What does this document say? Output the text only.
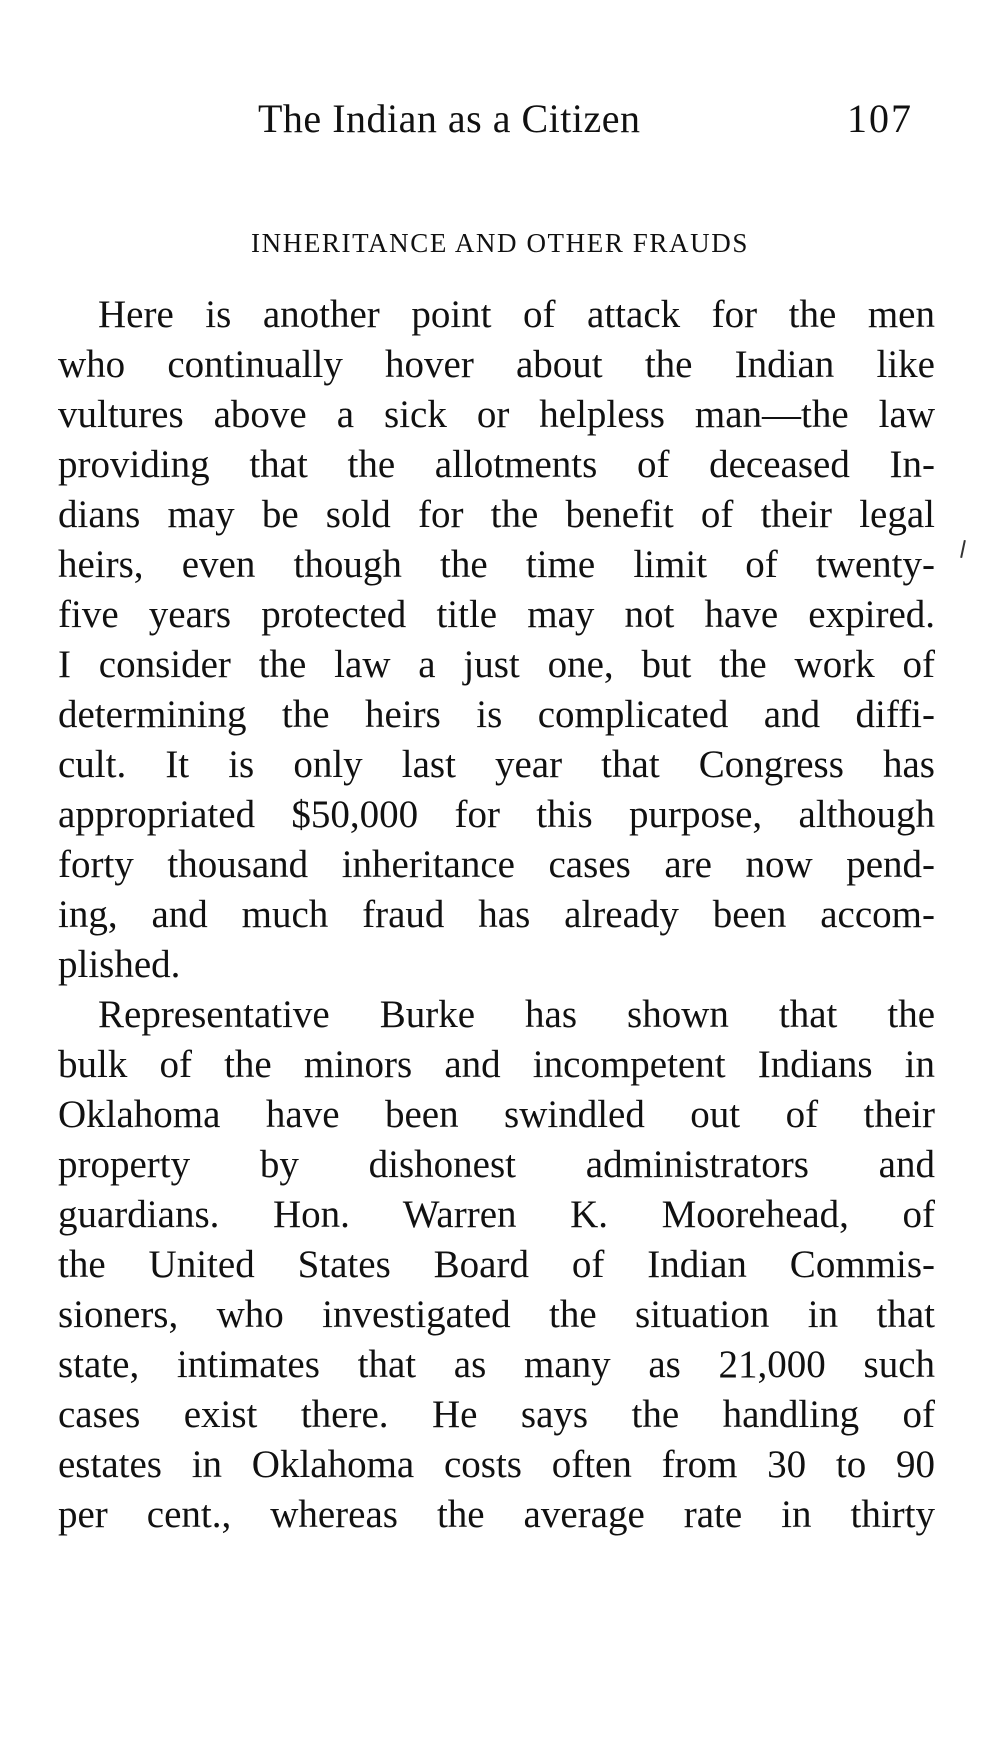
The Indian as a Citizen	107
INHERITANCE AND OTHER FRAUDS
Here is another point of attack for the men
who continually hover about the Indian like
vultures above a sick or helpless man—the law
providing that the allotments of deceased In-
dians may be sold for the benefit of their legal
heirs, even though the time limit of twenty-
five years protected title may not have expired.
I consider the law a just one, but the work of
determining the heirs is complicated and diffi-
cult. It is only last year that Congress has
appropriated $50,000 for this purpose, although
forty thousand inheritance cases are now pend-
ing, and much fraud has already been accom-
plished.
Representative Burke has shown that the
bulk of the minors and incompetent Indians in
Oklahoma have been swindled out of their
property by dishonest administrators and
guardians. Hon. Warren K. Moorehead, of
the United States Board of Indian Commis-
sioners, who investigated the situation in that
state, intimates that as many as 21,000 such
cases exist there. He says the handling of
estates in Oklahoma costs often from 30 to 90
per cent., whereas the average rate in thirty
